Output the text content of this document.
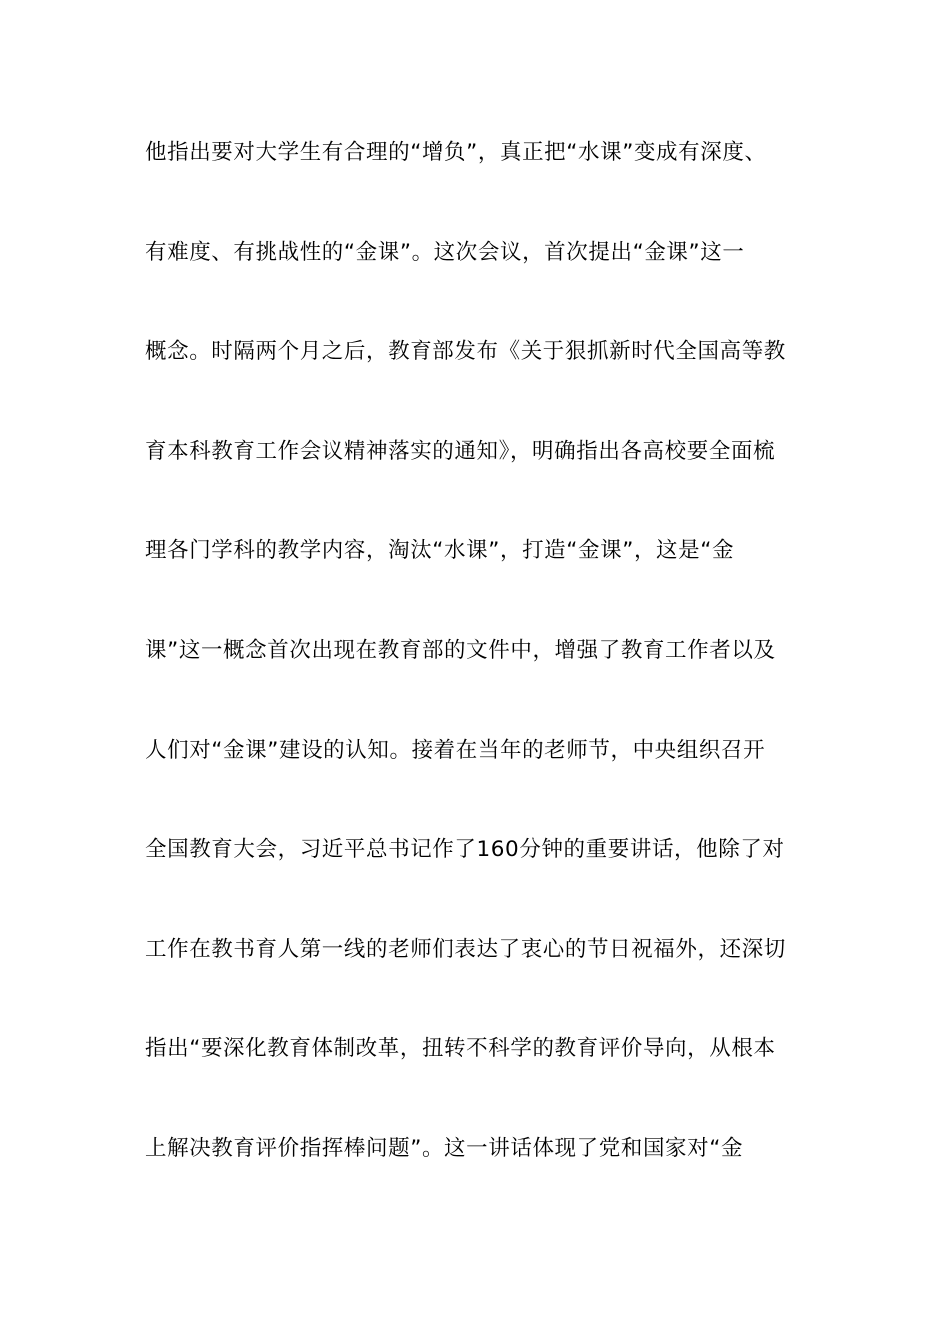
他指出要对大学生有合理的“增负”，真正把“水课”变成有深度、
有难度、有挑战性的“金课”。这次会议，首次提出“金课”这一
概念。时隔两个月之后，教育部发布《关于狠抓新时代全国高等教
育本科教育工作会议精神落实的通知》，明确指出各高校要全面梳
理各门学科的教学内容，淘汰“水课”，打造“金课”，这是“金
课”这一概念首次出现在教育部的文件中，增强了教育工作者以及
人们对“金课”建设的认知。接着在当年的老师节，中央组织召开
全国教育大会，习近平总书记作了160分钟的重要讲话，他除了对
工作在教书育人第一线的老师们表达了衷心的节日祝福外，还深切
指出“要深化教育体制改革，扭转不科学的教育评价导向，从根本
上解决教育评价指挥棒问题”。这一讲话体现了党和国家对“金
